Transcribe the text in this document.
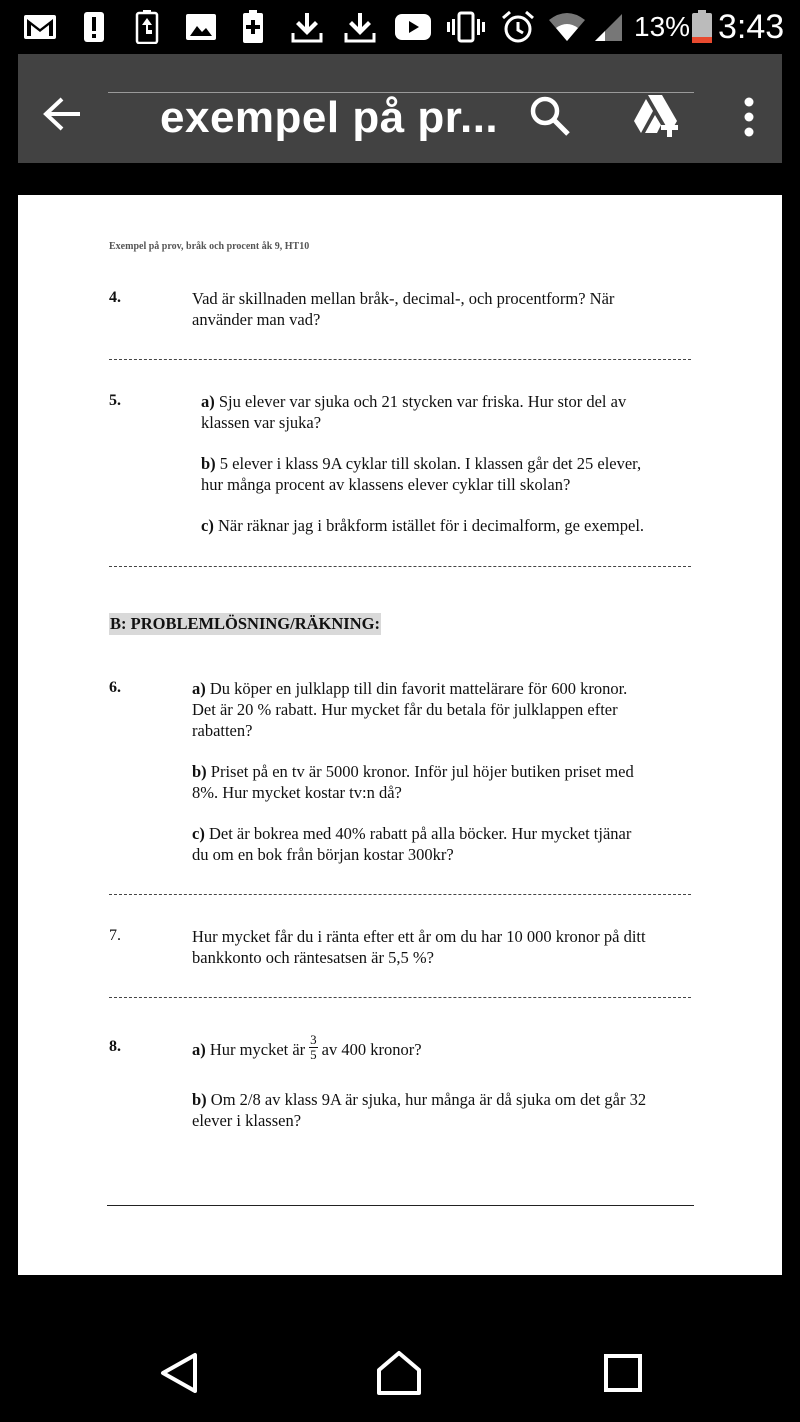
13% 3:43
exempel på pr...
Exempel på prov, bråk och procent åk 9, HT10
4.	Vad är skillnaden mellan bråk-, decimal-, och procentform? När
använder man vad?
5.	a) Sju elever var sjuka och 21 stycken var friska. Hur stor del av
klassen var sjuka?
b) 5 elever i klass 9A cyklar till skolan. I klassen går det 25 elever,
hur många procent av klassens elever cyklar till skolan?
c) När räknar jag i bråkform istället för i decimalform, ge exempel.
B: PROBLEMLÖSNING/RÄKNING:
6.	a) Du köper en julklapp till din favorit mattelärare för 600 kronor.
Det är 20 % rabatt. Hur mycket får du betala för julklappen efter
rabatten?
b) Priset på en tv är 5000 kronor. Inför jul höjer butiken priset med
8%. Hur mycket kostar tv:n då?
c) Det är bokrea med 40% rabatt på alla böcker. Hur mycket tjänar
du om en bok från början kostar 300kr?
7.	Hur mycket får du i ränta efter ett år om du har 10 000 kronor på ditt
bankkonto och räntesatsen är 5,5 %?
8.	a) Hur mycket är $\frac{3}{5}$ av 400 kronor?
b) Om 2/8 av klass 9A är sjuka, hur många är då sjuka om det går 32
elever i klassen?
